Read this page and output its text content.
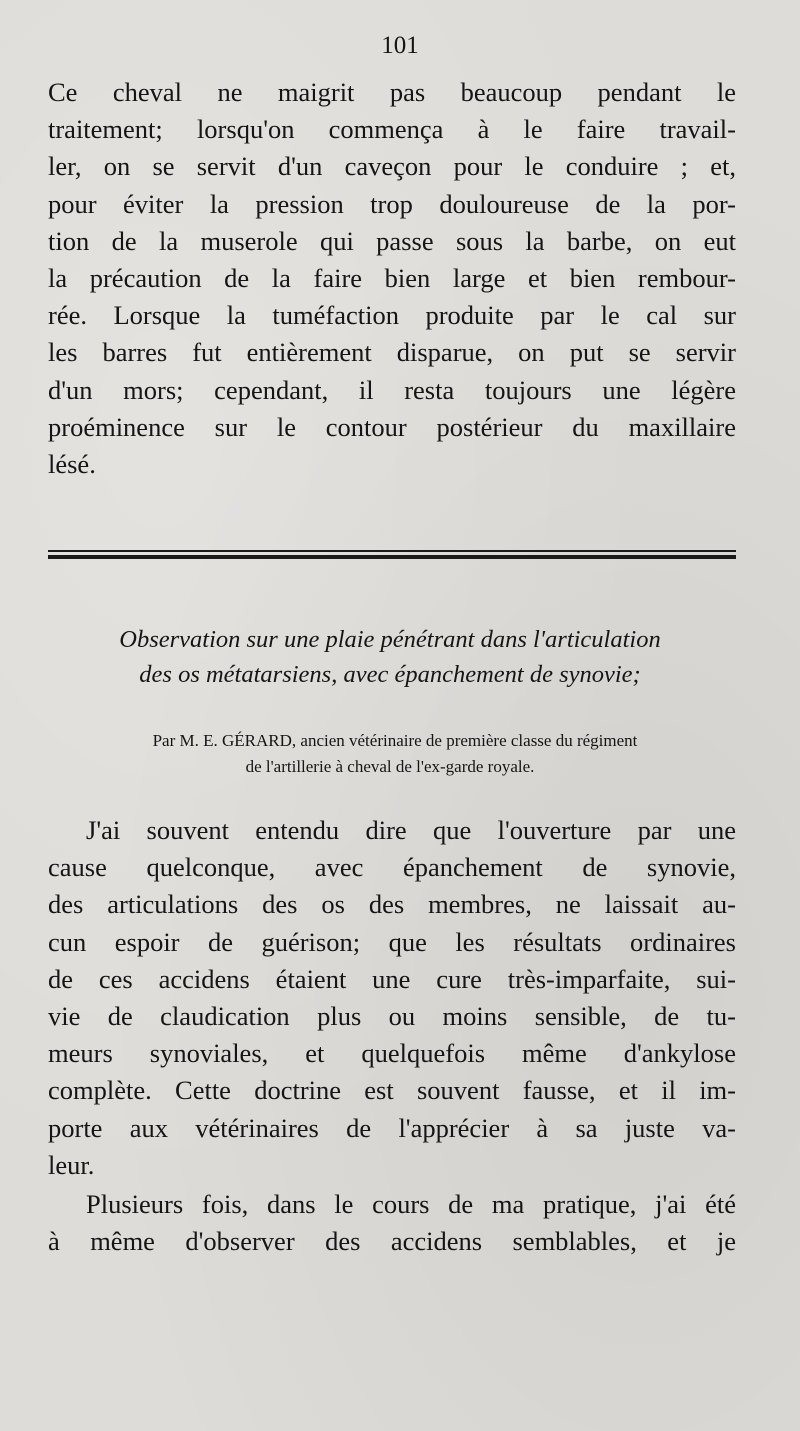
101
Ce cheval ne maigrit pas beaucoup pendant le
traitement; lorsqu'on commença à le faire travail-
ler, on se servit d'un caveçon pour le conduire ; et,
pour éviter la pression trop douloureuse de la por-
tion de la muserole qui passe sous la barbe, on eut
la précaution de la faire bien large et bien rembour-
rée. Lorsque la tuméfaction produite par le cal sur
les barres fut entièrement disparue, on put se servir
d'un mors; cependant, il resta toujours une légère
proéminence sur le contour postérieur du maxillaire
lésé.
Observation sur une plaie pénétrant dans l'articulation
des os métatarsiens, avec épanchement de synovie;
Par M. E. GÉRARD, ancien vétérinaire de première classe du régiment
de l'artillerie à cheval de l'ex-garde royale.
J'ai souvent entendu dire que l'ouverture par une
cause quelconque, avec épanchement de synovie,
des articulations des os des membres, ne laissait au-
cun espoir de guérison; que les résultats ordinaires
de ces accidens étaient une cure très-imparfaite, sui-
vie de claudication plus ou moins sensible, de tu-
meurs synoviales, et quelquefois même d'ankylose
complète. Cette doctrine est souvent fausse, et il im-
porte aux vétérinaires de l'apprécier à sa juste va-
leur.
Plusieurs fois, dans le cours de ma pratique, j'ai été
à même d'observer des accidens semblables, et je
